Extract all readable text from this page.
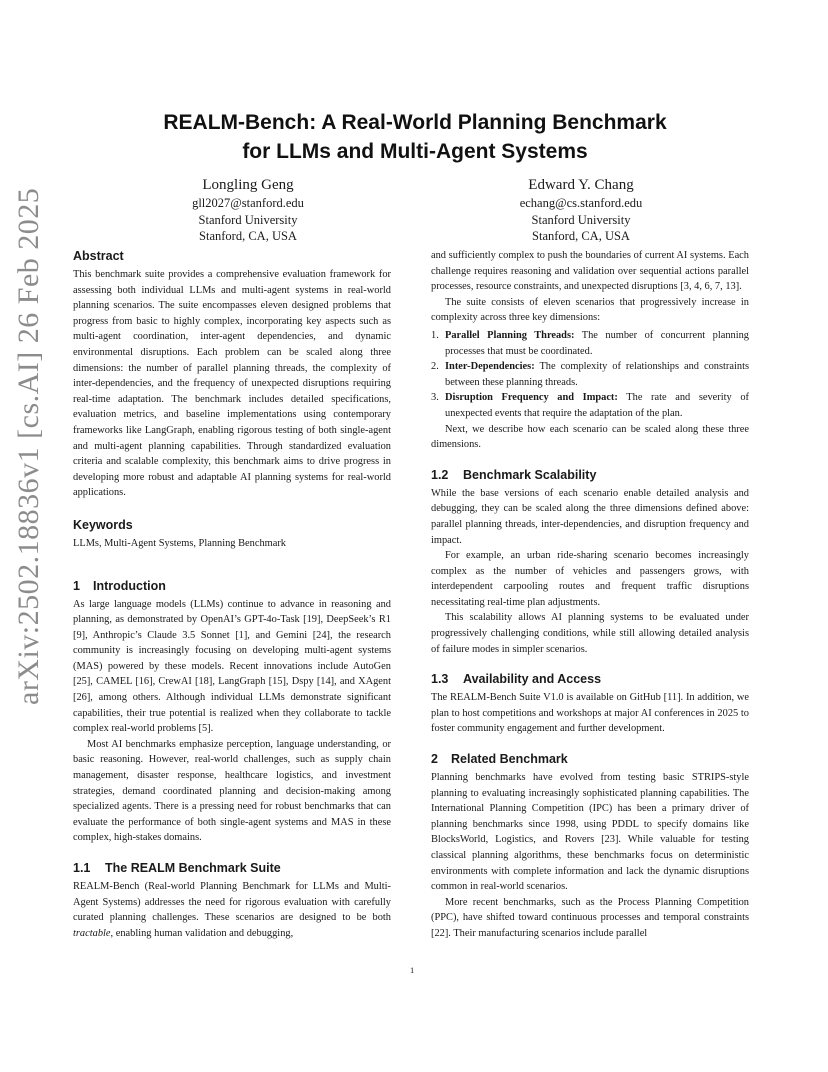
arXiv:2502.18836v1 [cs.AI] 26 Feb 2025
REALM-Bench: A Real-World Planning Benchmark
for LLMs and Multi-Agent Systems
Longling Geng
gll2027@stanford.edu
Stanford University
Stanford, CA, USA
Edward Y. Chang
echang@cs.stanford.edu
Stanford University
Stanford, CA, USA
Abstract

This benchmark suite provides a comprehensive evaluation framework for assessing both individual LLMs and multi-agent systems in real-world planning scenarios. The suite encompasses eleven designed problems that progress from basic to highly complex, incorporating key aspects such as multi-agent coordination, inter-agent dependencies, and dynamic environmental disruptions. Each problem can be scaled along three dimensions: the number of parallel planning threads, the complexity of inter-dependencies, and the frequency of unexpected disruptions requiring real-time adaptation. The benchmark includes detailed specifications, evaluation metrics, and baseline implementations using contemporary frameworks like LangGraph, enabling rigorous testing of both single-agent and multi-agent planning capabilities. Through standardized evaluation criteria and scalable complexity, this benchmark aims to drive progress in developing more robust and adaptable AI planning systems for real-world applications.

Keywords

LLMs, Multi-Agent Systems, Planning Benchmark

1 Introduction

As large language models (LLMs) continue to advance in reasoning and planning, as demonstrated by OpenAI’s GPT-4o-Task [19], DeepSeek’s R1 [9], Anthropic’s Claude 3.5 Sonnet [1], and Gemini [24], the research community is increasingly focusing on developing multi-agent systems (MAS) powered by these models. Recent innovations include AutoGen [25], CAMEL [16], CrewAI [18], LangGraph [15], Dspy [14], and XAgent [26], among others. Although individual LLMs demonstrate significant capabilities, their true potential is realized when they collaborate to tackle complex real-world problems [5].

Most AI benchmarks emphasize perception, language understanding, or basic reasoning. However, real-world challenges, such as supply chain management, disaster response, healthcare logistics, and investment strategies, demand coordinated planning and decision-making among specialized agents. There is a pressing need for robust benchmarks that can evaluate the performance of both single-agent systems and MAS in these complex, high-stakes domains.

1.1 The REALM Benchmark Suite

REALM-Bench (Real-world Planning Benchmark for LLMs and Multi-Agent Systems) addresses the need for rigorous evaluation with carefully curated planning challenges. These scenarios are designed to be both tractable, enabling human validation and debugging,

and sufficiently complex to push the boundaries of current AI systems. Each challenge requires reasoning and validation over sequential actions parallel processes, resource constraints, and unexpected disruptions [3, 4, 6, 7, 13].

The suite consists of eleven scenarios that progressively increase in complexity across three key dimensions:

1. Parallel Planning Threads: The number of concurrent planning processes that must be coordinated.
2. Inter-Dependencies: The complexity of relationships and constraints between these planning threads.
3. Disruption Frequency and Impact: The rate and severity of unexpected events that require the adaptation of the plan.

Next, we describe how each scenario can be scaled along these three dimensions.

1.2 Benchmark Scalability

While the base versions of each scenario enable detailed analysis and debugging, they can be scaled along the three dimensions defined above: parallel planning threads, inter-dependencies, and disruption frequency and impact.

For example, an urban ride-sharing scenario becomes increasingly complex as the number of vehicles and passengers grows, with interdependent carpooling routes and frequent traffic disruptions necessitating real-time plan adjustments.

This scalability allows AI planning systems to be evaluated under progressively challenging conditions, while still allowing detailed analysis of failure modes in simpler scenarios.

1.3 Availability and Access

The REALM-Bench Suite V1.0 is available on GitHub [11]. In addition, we plan to host competitions and workshops at major AI conferences in 2025 to foster community engagement and further development.

2 Related Benchmark

Planning benchmarks have evolved from testing basic STRIPS-style planning to evaluating increasingly sophisticated planning capabilities. The International Planning Competition (IPC) has been a primary driver of planning benchmarks since 1998, using PDDL to specify domains like BlocksWorld, Logistics, and Rovers [23]. While valuable for testing classical planning algorithms, these benchmarks focus on deterministic environments with complete information and lack the dynamic disruptions common in real-world scenarios.

More recent benchmarks, such as the Process Planning Competition (PPC), have shifted toward continuous processes and temporal constraints [22]. Their manufacturing scenarios include parallel

1
